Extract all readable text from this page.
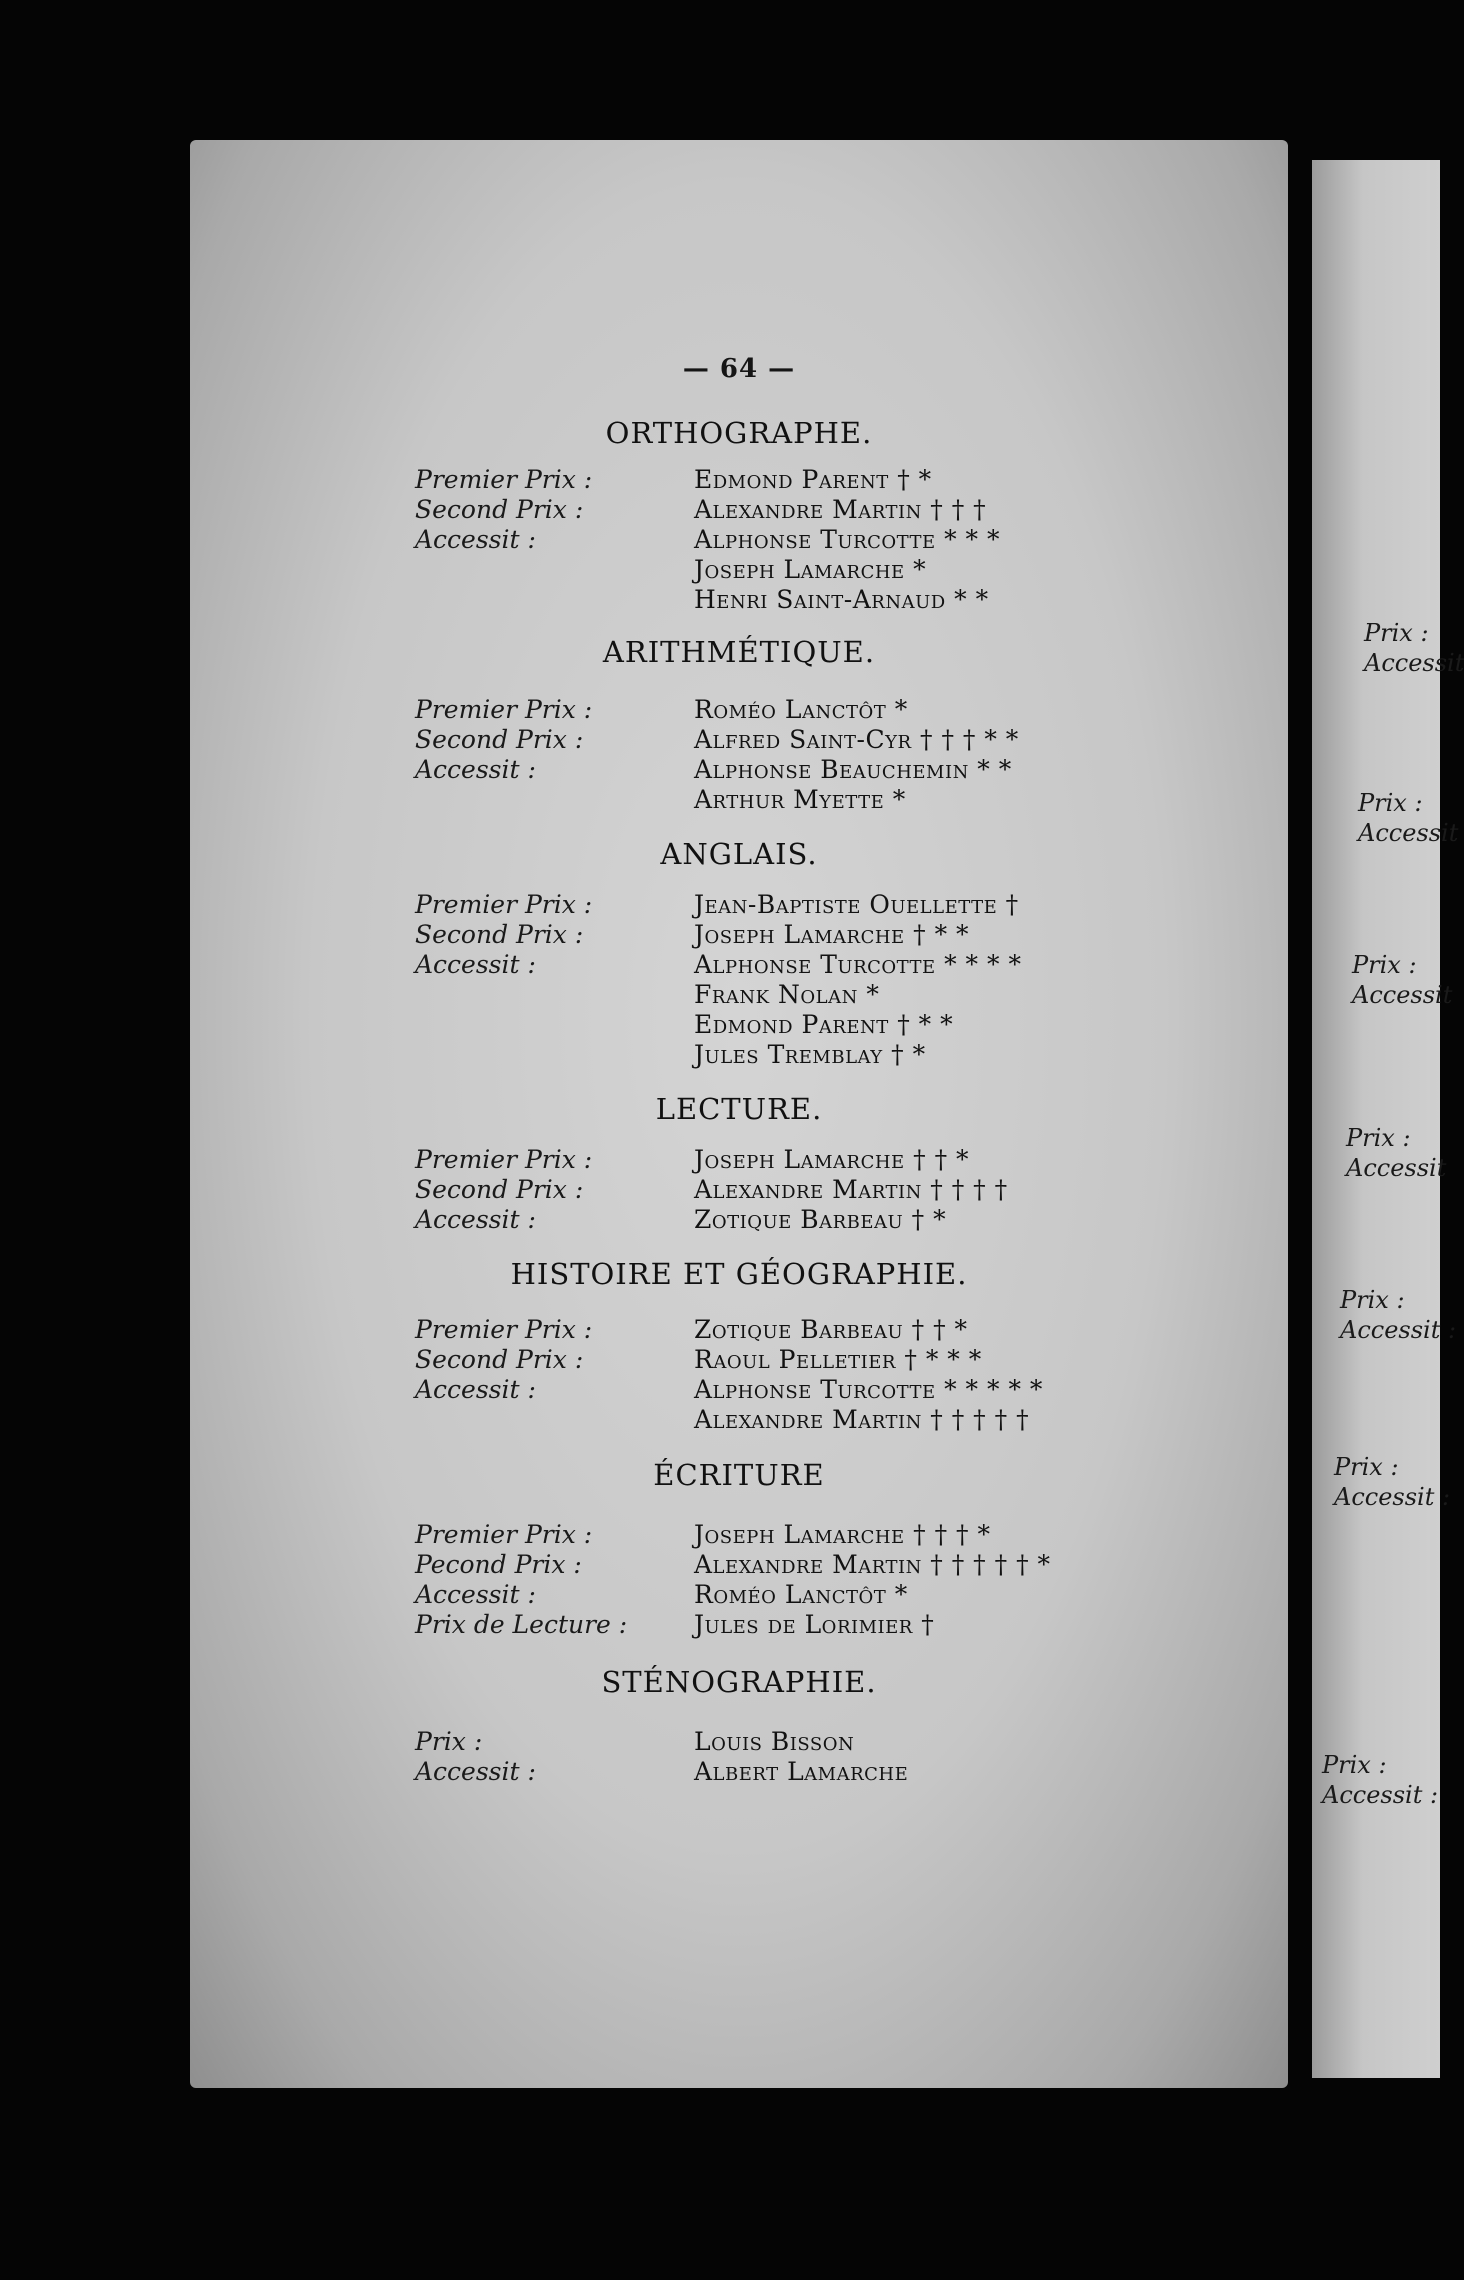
— 64 —
ORTHOGRAPHE.
Premier Prix :
Second Prix :
Accessit :
Edmond Parent † *
Alexandre Martin † † †
Alphonse Turcotte * * *
Joseph Lamarche *
Henri Saint-Arnaud * *
ARITHMÉTIQUE.
Premier Prix :
Second Prix :
Accessit :
Roméo Lanctôt *
Alfred Saint-Cyr † † † * *
Alphonse Beauchemin * *
Arthur Myette *
ANGLAIS.
Premier Prix :
Second Prix :
Accessit :
Jean-Baptiste Ouellette †
Joseph Lamarche † * *
Alphonse Turcotte * * * *
Frank Nolan *
Edmond Parent † * *
Jules Tremblay † *
LECTURE.
Premier Prix :
Second Prix :
Accessit :
Joseph Lamarche † † *
Alexandre Martin † † † †
Zotique Barbeau † *
HISTOIRE ET GÉOGRAPHIE.
Premier Prix :
Second Prix :
Accessit :
Zotique Barbeau † † *
Raoul Pelletier † * * *
Alphonse Turcotte * * * * *
Alexandre Martin † † † † †
ÉCRITURE
Premier Prix :
Pecond Prix :
Accessit :
Prix de Lecture :
Joseph Lamarche † † † *
Alexandre Martin † † † † † *
Roméo Lanctôt *
Jules de Lorimier †
STÉNOGRAPHIE.
Prix :
Accessit :
Louis Bisson
Albert Lamarche
Prix :
Accessit
Prix :
Accessit
Prix :
Accessit
Prix :
Accessit
Prix :
Accessit :
Prix :
Accessit :
Prix :
Accessit :
